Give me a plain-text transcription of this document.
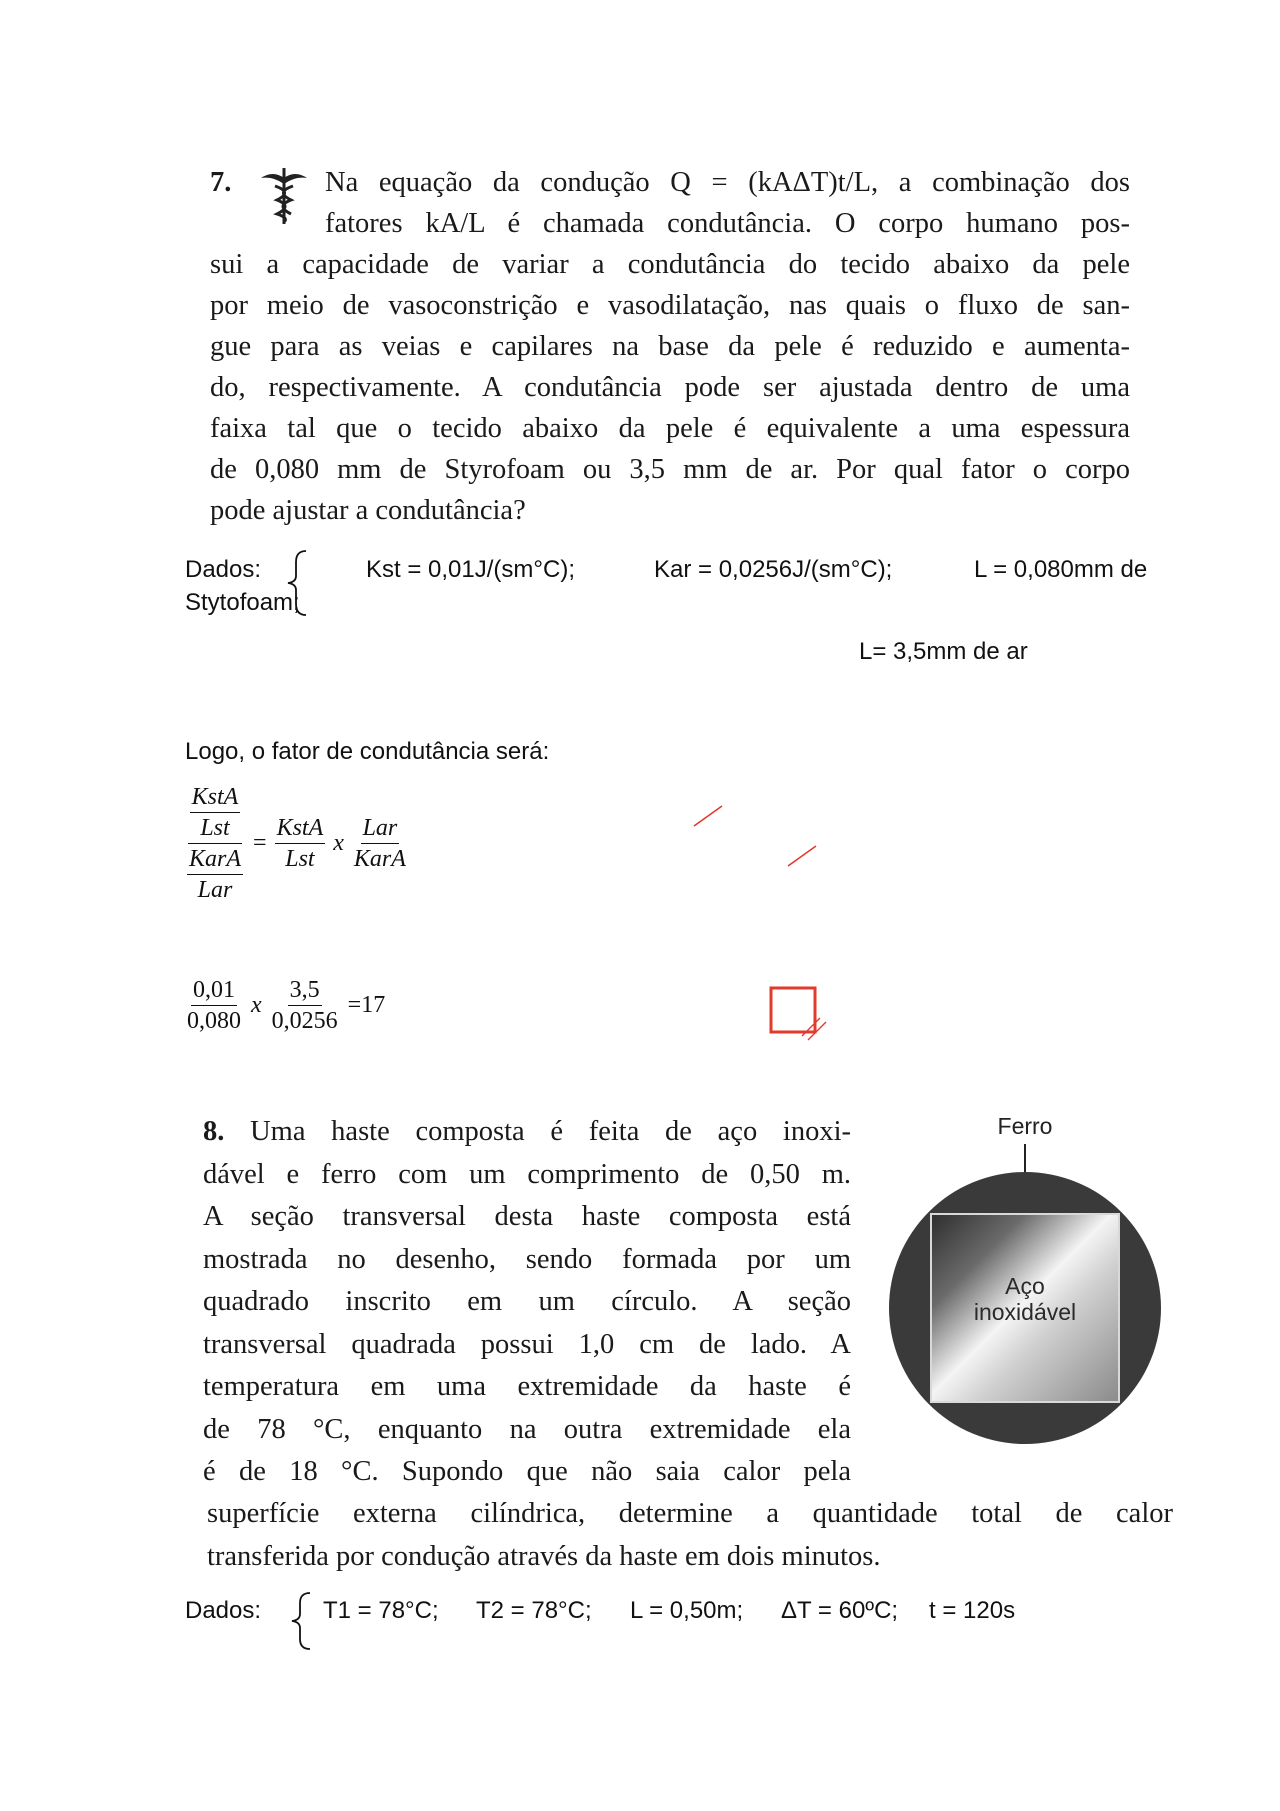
7.	Na equação da condução Q = (kAΔT)t/L, a combinação dos

fatores kA/L é chamada condutância. O corpo humano pos-

sui a capacidade de variar a condutância do tecido abaixo da pele

por meio de vasoconstrição e vasodilatação, nas quais o fluxo de san-

gue para as veias e capilares na base da pele é reduzido e aumenta-

do, respectivamente. A condutância pode ser ajustada dentro de uma

faixa tal que o tecido abaixo da pele é equivalente a uma espessura

de 0,080 mm de Styrofoam ou 3,5 mm de ar. Por qual fator o corpo

pode ajustar a condutância?

Dados:	Kst = 0,01J/(sm°C);	Kar = 0,0256J/(sm°C);	L = 0,080mm de
Stytofoam;
L= 3,5mm de ar
Logo, o fator de condutância será:
$\frac{\frac{\text{KstA}}{\text{Lst}}}{\frac{\text{KarA}}{\text{Lar}}} = \frac{\text{KstA}}{\text{Lst}}$ x $\frac{\text{Lar}}{\text{KarA}}$
$\frac{0,01}{0,080}$ x $\frac{3,5}{0,0256} =17$

8. Uma haste composta é feita de aço inoxi-

dável e ferro com um comprimento de 0,50 m.

A seção transversal desta haste composta está

mostrada no desenho, sendo formada por um

quadrado inscrito em um círculo. A seção

transversal quadrada possui 1,0 cm de lado. A

temperatura em uma extremidade da haste é

de 78 °C, enquanto na outra extremidade ela

é de 18 °C. Supondo que não saia calor pela

superfície externa cilíndrica, determine a quantidade total de calor

transferida por condução através da haste em dois minutos.

Ferro
Aço
inoxidável
Dados:	T1 = 78°C; T2 = 78°C; L = 0,50m; ΔT = 60ºC; t = 120s
